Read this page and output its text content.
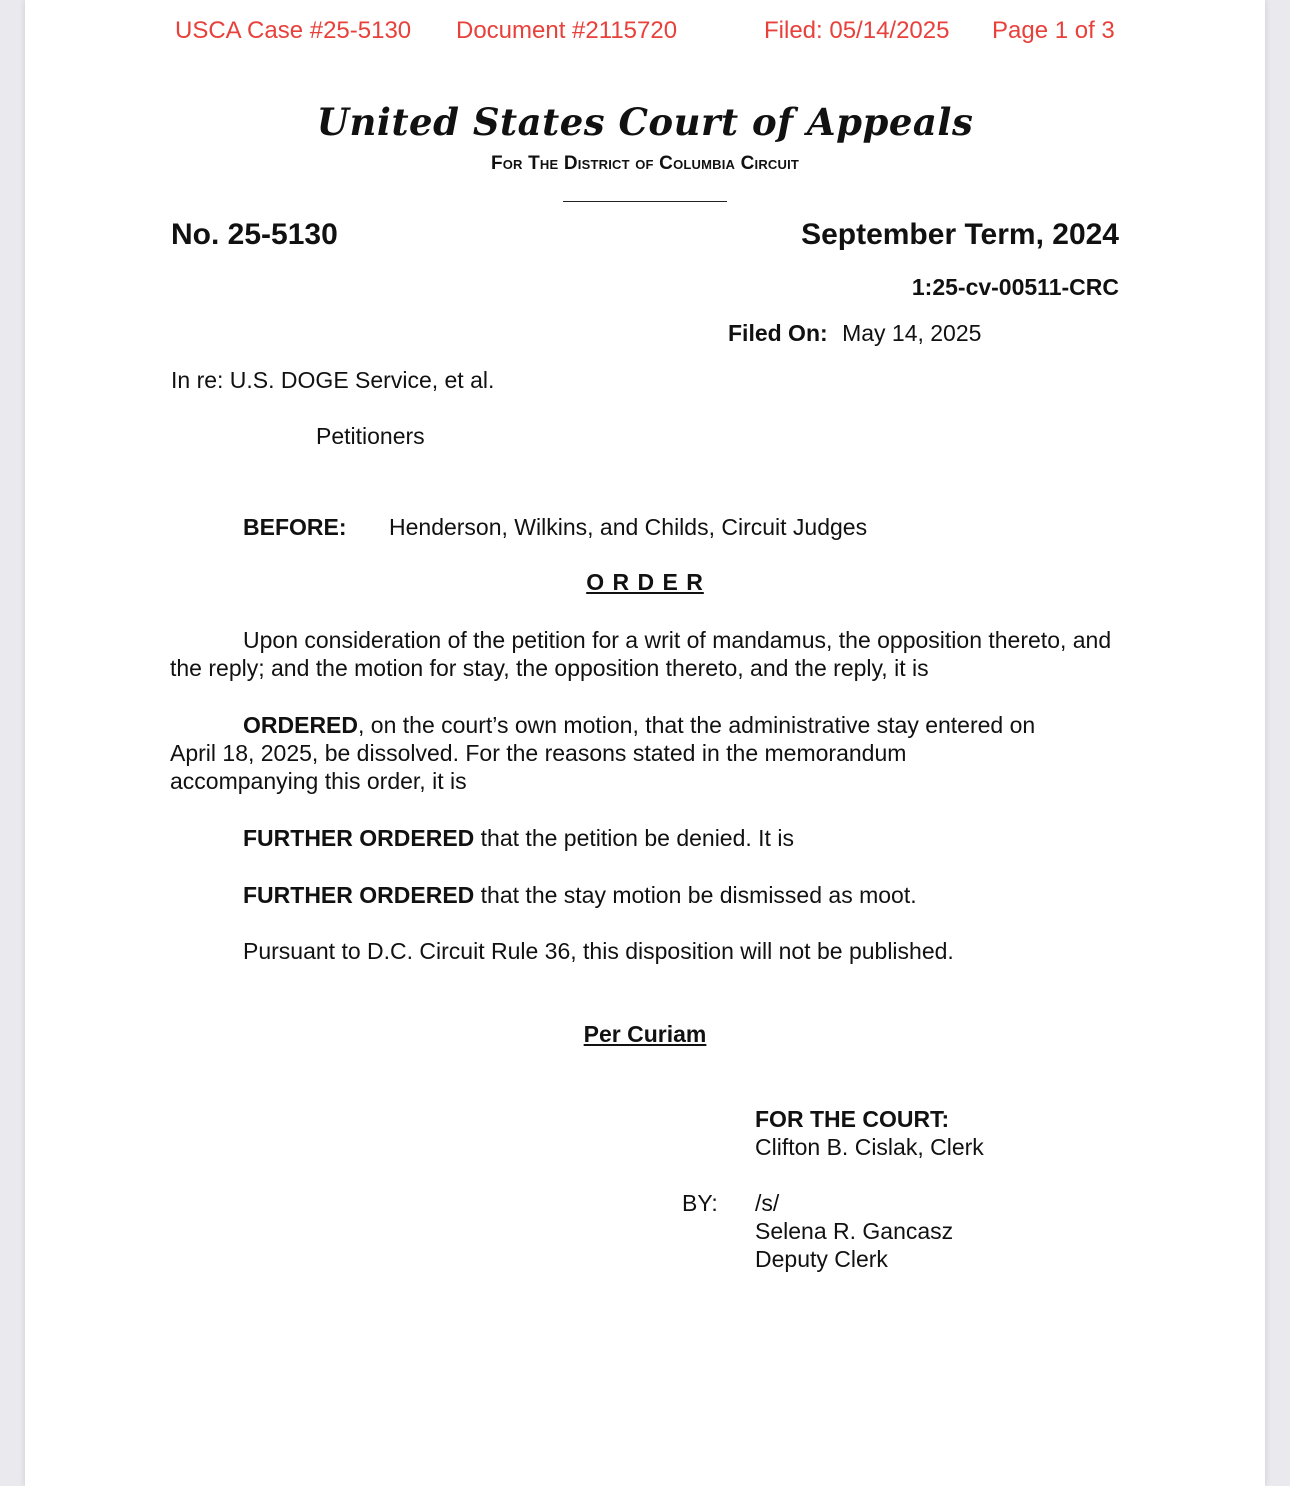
USCA Case #25-5130 Document #2115720	Filed: 05/14/2025 Page 1 of 3
United States Court of Appeals
For The District of Columbia Circuit
No. 25-5130	September Term, 2024
1:25-cv-00511-CRC
Filed On: May 14, 2025
In re: U.S. DOGE Service, et al.
Petitioners
BEFORE: Henderson, Wilkins, and Childs, Circuit Judges
O R D E R
Upon consideration of the petition for a writ of mandamus, the opposition thereto, and the reply; and the motion for stay, the opposition thereto, and the reply, it is
ORDERED, on the court’s own motion, that the administrative stay entered on
April 18, 2025, be dissolved. For the reasons stated in the memorandum
accompanying this order, it is
FURTHER ORDERED that the petition be denied. It is
FURTHER ORDERED that the stay motion be dismissed as moot.
Pursuant to D.C. Circuit Rule 36, this disposition will not be published.
Per Curiam
FOR THE COURT:
Clifton B. Cislak, Clerk
BY: /s/
Selena R. Gancasz
Deputy Clerk
